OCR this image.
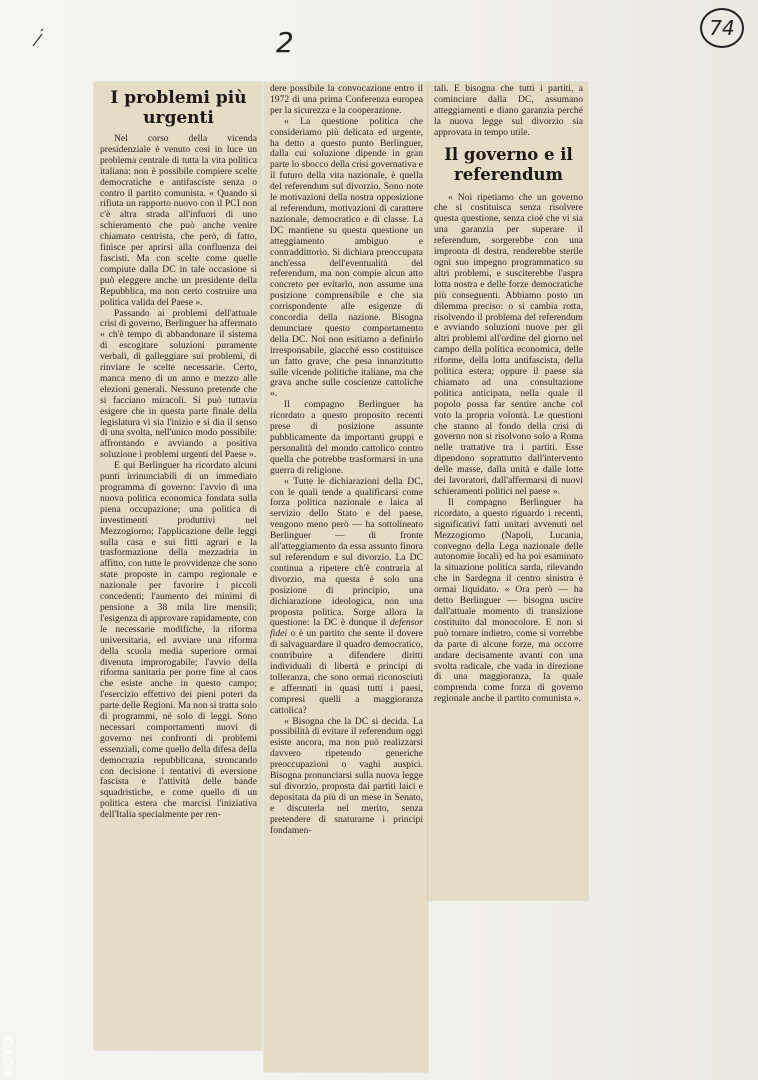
2	74
I problemi più urgenti

Nel corso della vicenda presidenziale è venuto così in luce un problema centrale di tutta la vita politica italiana: non è possibile compiere scelte democratiche e antifasciste senza o contro il partito comunista. « Quando si rifiuta un rapporto nuovo con il PCI non c'è altra strada all'infuori di uno schieramento che può anche venire chiamato centrista, che però, di fatto, finisce per aprirsi alla confluenza dei fascisti. Ma con scelte come quelle compiute dalla DC in tale occasione si può eleggere anche un presidente della Repubblica, ma non certo costruire una politica valida del Paese ».

Passando ai problemi dell'attuale crisi di governo, Berlinguer ha affermato « ch'è tempo di abbandonare il sistema di escogitare soluzioni puramente verbali, di galleggiare sui problemi, di rinviare le scelte necessarie. Certo, manca meno di un anno e mezzo alle elezioni generali. Nessuno pretende che si facciano miracoli. Si può tuttavia esigere che in questa parte finale della legislatura vi sia l'inizio e si dia il senso di una svolta, nell'unico modo possibile: affrontando e avviando a positiva soluzione i problemi urgenti del Paese ».

E qui Berlinguer ha ricordato alcuni punti irrinunciabili di un immediato programma di governo: l'avvio di una nuova politica economica fondata sulla piena occupazione; una politica di investimenti produttivi nel Mezzogiorno; l'applicazione delle leggi sulla casa e sui fitti agrari e la trasformazione della mezzadria in affitto, con tutte le provvidenze che sono state proposte in campo regionale e nazionale per favorire i piccoli concedenti; l'aumento dei minimi di pensione a 38 mila lire mensili; l'esigenza di approvare rapidamente, con le necessarie modifiche, la riforma universitaria, ed avviare una riforma della scuola media superiore ormai divenuta improrogabile; l'avvio della riforma sanitaria per porre fine al caos che esiste anche in questo campo; l'esercizio effettivo dei pieni poteri da parte delle Regioni. Ma non si tratta solo di programmi, né solo di leggi. Sono necessari comportamenti nuovi di governo nei confronti di problemi essenziali, come quello della difesa della democrazia repubblicana, stroncando con decisione i tentativi di eversione fascista e l'attività delle bande squadristiche, e come quello di un politica estera che marcisi l'iniziativa dell'Italia specialmente per ren-

dere possibile la convocazione entro il 1972 di una prima Conferenza europea per la sicurezza e la cooperazione.

« La questione politica che consideriamo più delicata ed urgente, ha detto a questo punto Berlinguer, dalla cui soluzione dipende in gran parte lo sbocco della crisi governativa e il futuro della vita nazionale, è quella del referendum sul divorzio. Sono note le motivazioni della nostra opposizione al referendum, motivazioni di carattere nazionale, democratico e di classe. La DC mantiene su questa questione un atteggiamento ambiguo e contraddittorio. Si dichiara preoccupata anch'essa dell'eventualità del referendum, ma non compie alcun atto concreto per evitarlo, non assume una posizione comprensibile e che sia corrispondente alle esigenze di concordia della nazione. Bisogna denunciare questo comportamento della DC. Noi non esitiamo a definirlo irresponsabile, giacché esso costituisce un fatto grave, che pesa innanzitutto sulle vicende politiche italiane, ma che grava anche sulle coscienze cattoliche ».

Il compagno Berlinguer ha ricordato a questo proposito recenti prese di posizione assunte pubblicamente da importanti gruppi e personalità del mondo cattolico contro quella che potrebbe trasformarsi in una guerra di religione.

« Tutte le dichiarazioni della DC, con le quali tende a qualificarsi come forza politica nazionale e laica al servizio dello Stato e del paese, vengono meno però — ha sottolineato Berlinguer — di fronte all'atteggiamento da essa assunto finora sul referendum e sul divorzio. La DC continua a ripetere ch'è contraria al divorzio, ma questa è solo una posizione di principio, una dichiarazione ideologica, non una proposta politica. Sorge allora la questione: la DC è dunque il defensor fidei o è un partito che sente il dovere di salvaguardare il quadro democratico, contribuire a difendere diritti individuali di libertà e principi di tolleranza, che sono ormai riconosciuti e affermati in quasi tutti i paesi, compresi quelli a maggioranza cattolica?

« Bisogna che la DC si decida. La possibilità di evitare il referendum oggi esiste ancora, ma non può realizzarsi davvero ripetendo generiche preoccupazioni o vaghi auspici. Bisogna pronunciarsi sulla nuova legge sul divorzio, proposta dai partiti laici e depositata da più di un mese in Senato, e discuterla nel merito, senza pretendere di snaturarne i principi fondamen-

tali. E bisogna che tutti i partiti, a cominciare dalla DC, assumano atteggiamenti e diano garanzia perché la nuova legge sul divorzio sia approvata in tempo utile.

Il governo e il referendum

« Noi ripetiamo che un governo che si costituisca senza risolvere questa questione, senza cioè che vi sia una garanzia per superare il referendum, sorgerebbe con una impronta di destra, renderebbe sterile ogni suo impegno programmatico su altri problemi, e susciterebbe l'aspra lotta nostra e delle forze democratiche più conseguenti. Abbiamo posto un dilemma preciso: o si cambia rotta, risolvendo il problema del referendum e avviando soluzioni nuove per gli altri problemi all'ordine del giorno nel campo della politica economica, delle riforme, della lotta antifascista, della politica estera; oppure il paese sia chiamato ad una consultazione politica anticipata, nella quale il popolo possa far sentire anche col voto la propria volontà. Le questioni che stanno al fondo della crisi di governo non si risolvono solo a Roma nelle trattative tra i partiti. Esse dipendono soprattutto dall'intervento delle masse, dalla unità e dalle lotte dei lavoratori, dall'affermarsi di nuovi schieramenti politici nel paese ».

Il compagno Berlinguer ha ricordato, a questo riguardo i recenti, significativi fatti unitari avvenuti nel Mezzogiorno (Napoli, Lucania, convegno della Lega nazionale delle autonomie locali) ed ha poi esaminato la situazione politica sarda, rilevando che in Sardegna il centro sinistra è ormai liquidato. « Ora però — ha detto Berlinguer — bisogna uscire dall'attuale momento di transizione costituito dal monocolore. E non si può tornare indietro, come si vorrebbe da parte di alcune forze, ma occorre andare decisamente avanti con una svolta radicale, che vada in direzione di una maggioranza, la quale comprenda come forza di governo regionale anche il partito comunista ».

FOTO
